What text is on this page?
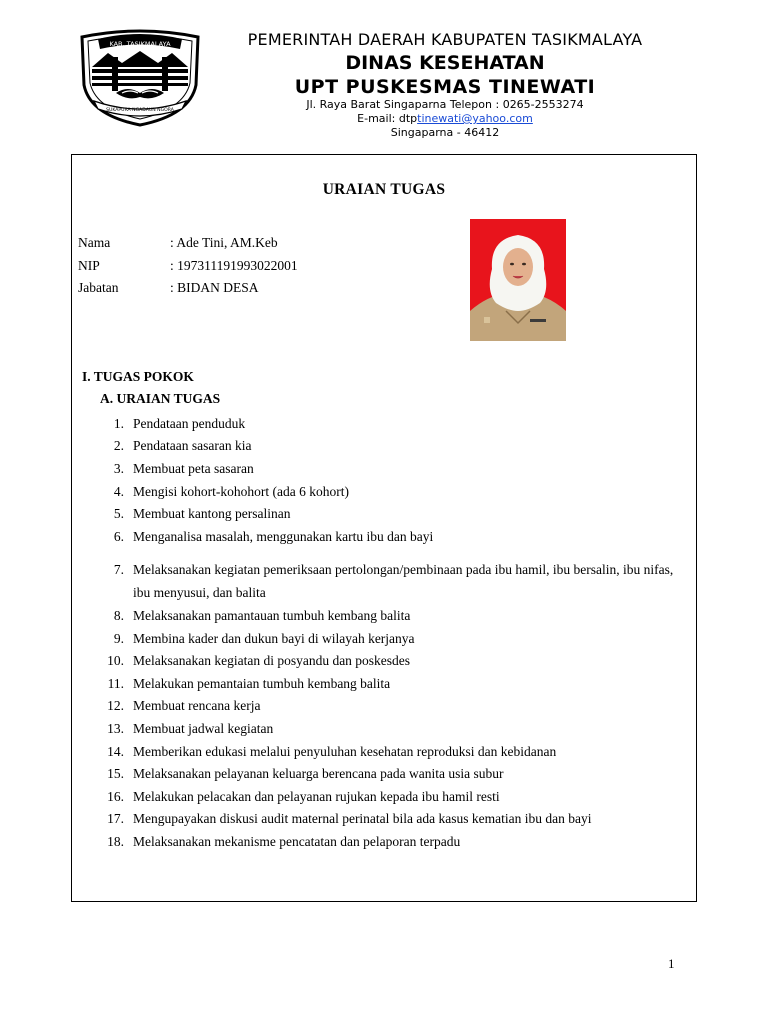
KAB. TASIKMALAYA
SUKAPURA NGADAUN NGORA

PEMERINTAH DAERAH KABUPATEN TASIKMALAYA

DINAS KESEHATAN

UPT PUSKESMAS TINEWATI

Jl. Raya Barat Singaparna Telepon : 0265-2553274

E-mail: dtptinewati@yahoo.com

Singaparna - 46412

URAIAN TUGAS

Nama	: Ade Tini, AM.Keb
NIP	: 197311191993022001
Jabatan	: BIDAN DESA

I. TUGAS POKOK

A. URAIAN TUGAS

1. Pendataan penduduk
2. Pendataan sasaran kia
3. Membuat peta sasaran
4. Mengisi kohort-kohohort (ada 6 kohort)
5. Membuat kantong persalinan
6. Menganalisa masalah, menggunakan kartu ibu dan bayi
7. Melaksanakan kegiatan pemeriksaan pertolongan/pembinaan pada ibu hamil, ibu bersalin, ibu nifas, ibu menyusui, dan balita
8. Melaksanakan pamantauan tumbuh kembang balita
9. Membina kader dan dukun bayi di wilayah kerjanya
10. Melaksanakan kegiatan di posyandu dan poskesdes
11. Melakukan pemantaian tumbuh kembang balita
12. Membuat rencana kerja
13. Membuat jadwal kegiatan
14. Memberikan edukasi melalui penyuluhan kesehatan reproduksi dan kebidanan
15. Melaksanakan pelayanan keluarga berencana pada wanita usia subur
16. Melakukan pelacakan dan pelayanan rujukan kepada ibu hamil resti
17. Mengupayakan diskusi audit maternal perinatal bila ada kasus kematian ibu dan bayi
18. Melaksanakan mekanisme pencatatan dan pelaporan terpadu

1
